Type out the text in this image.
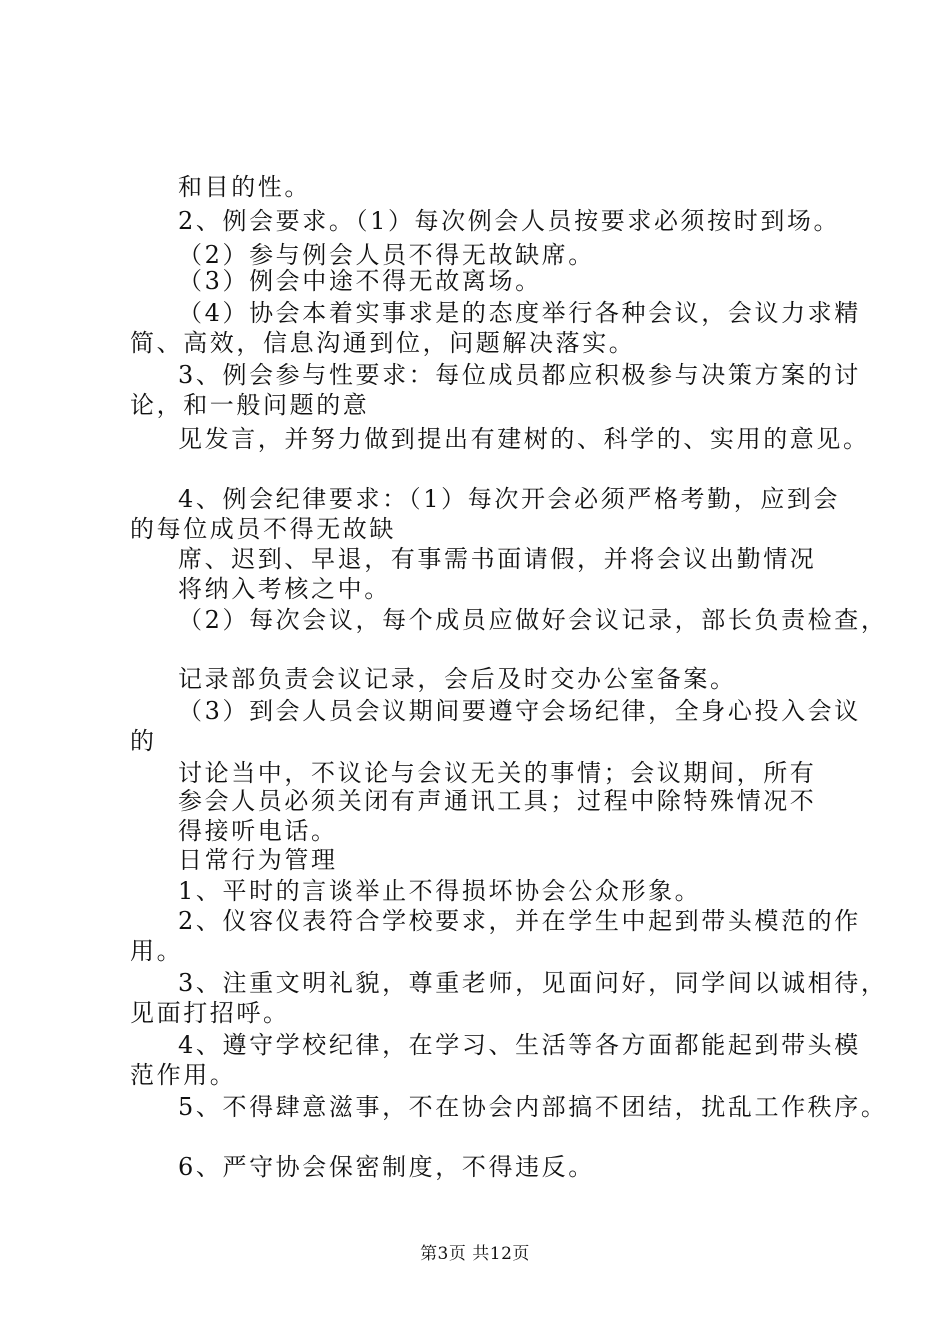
和目的性。
2、例会要求。（1）每次例会人员按要求必须按时到场。
（2）参与例会人员不得无故缺席。
（3）例会中途不得无故离场。
（4）协会本着实事求是的态度举行各种会议，会议力求精
简、高效，信息沟通到位，问题解决落实。
3、例会参与性要求：每位成员都应积极参与决策方案的讨
论，和一般问题的意
见发言，并努力做到提出有建树的、科学的、实用的意见。
4、例会纪律要求：（1）每次开会必须严格考勤，应到会
的每位成员不得无故缺
席、迟到、早退，有事需书面请假，并将会议出勤情况
将纳入考核之中。
（2）每次会议，每个成员应做好会议记录，部长负责检查，
记录部负责会议记录，会后及时交办公室备案。
（3）到会人员会议期间要遵守会场纪律，全身心投入会议
的
讨论当中，不议论与会议无关的事情；会议期间，所有
参会人员必须关闭有声通讯工具；过程中除特殊情况不
得接听电话。
日常行为管理
1、平时的言谈举止不得损坏协会公众形象。
2、仪容仪表符合学校要求，并在学生中起到带头模范的作
用。
3、注重文明礼貌，尊重老师，见面问好，同学间以诚相待，
见面打招呼。
4、遵守学校纪律，在学习、生活等各方面都能起到带头模
范作用。
5、不得肆意滋事，不在协会内部搞不团结，扰乱工作秩序。
6、严守协会保密制度，不得违反。
第3页 共12页
